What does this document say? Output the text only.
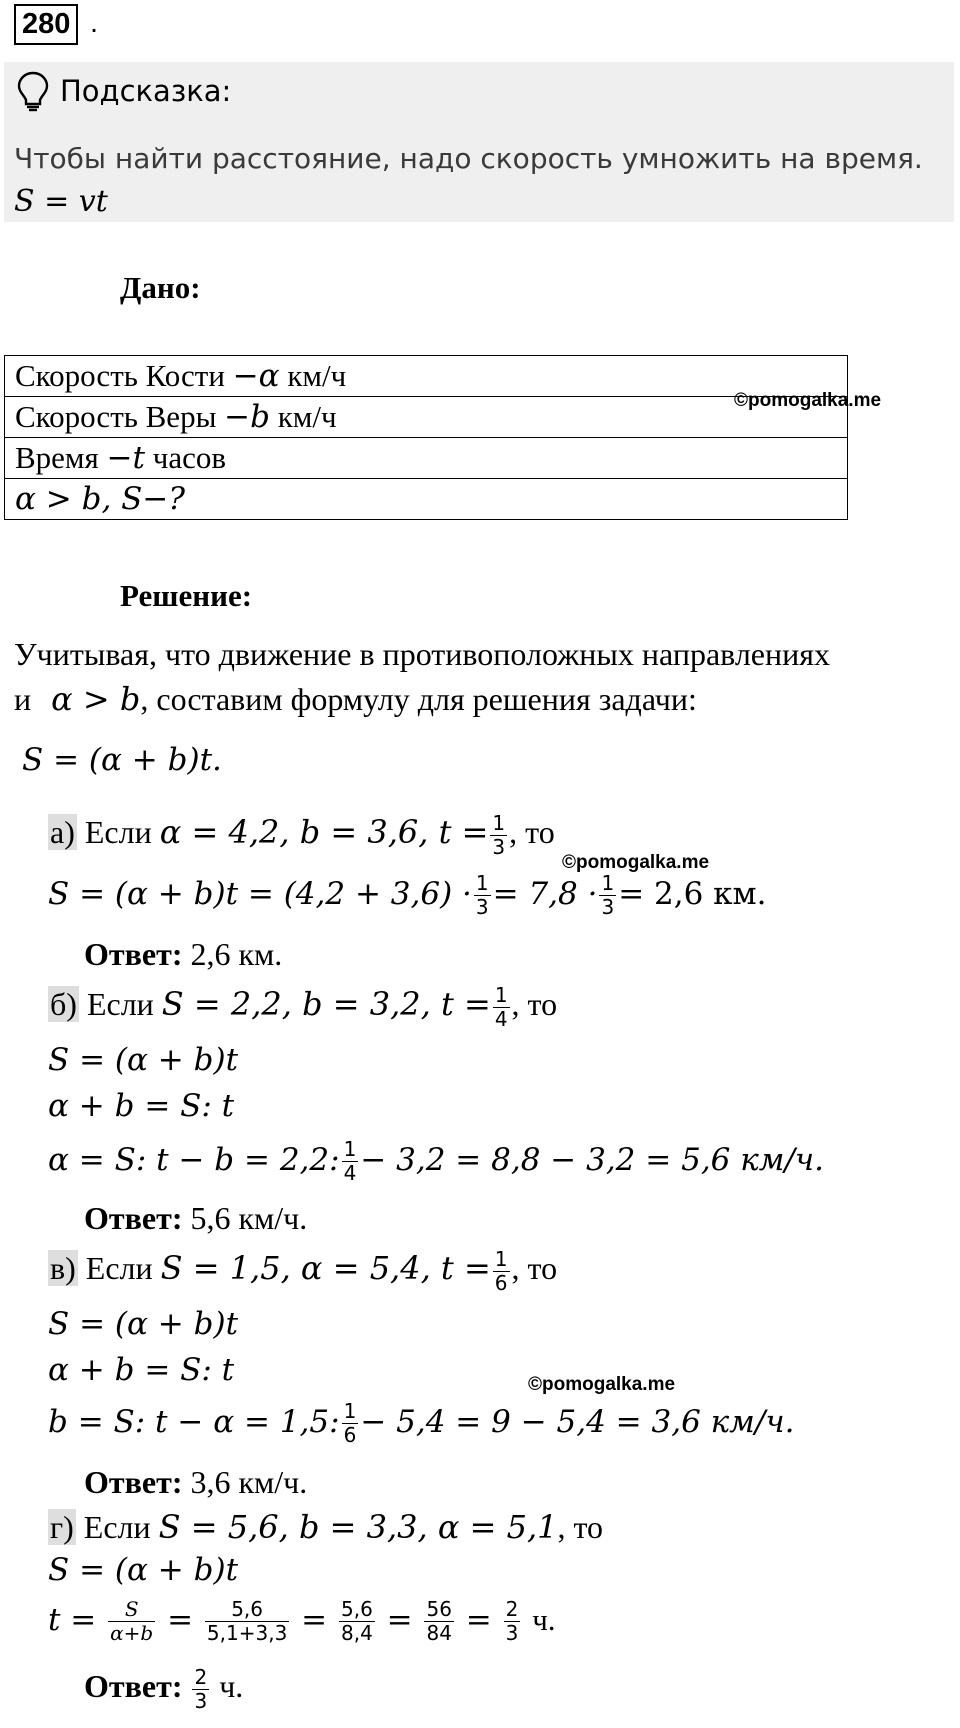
280 .
Подсказка:
Чтобы найти расстояние, надо скорость умножить на время.
S = vt
Дано:
Скорость Кости −α км/ч
Скорость Веры −b км/ч
Время −t часов
α > b, S−?
©pomogalka.me
Решение:
Учитывая, что движение в противоположных направлениях
и α > b, составим формулу для решения задачи:
S = (α + b)t.
а) Если α = 4,2, b = 3,6, $t = \frac{1}{3}$ , то
©pomogalka.me
$S = (\alpha + b)t = (4,2 + 3,6) \cdot \frac{1}{3} = 7,8 \cdot \frac{1}{3} = 2,6$ км.
Ответ: 2,6 км.
б) Если S = 2,2, b = 3,2, $t = \frac{1}{4}$ , то
S = (α + b)t
α + b = S: t
α = S: t − b = 2,2: $\frac{1}{4} - 3,2 = 8,8 - 3,2 = 5,6$ км/ч.
Ответ: 5,6 км/ч.
в) Если S = 1,5, α = 5,4, $t = \frac{1}{6}$ , то
S = (α + b)t
α + b = S: t	©pomogalka.me
b = S: t − α = 1,5: $\frac{1}{6} - 5,4 = 9 - 5,4 = 3,6$ км/ч.
Ответ: 3,6 км/ч.
г) Если S = 5,6, b = 3,3, α = 5,1, то
S = (α + b)t
$t = \frac{S}{\alpha+b} = \frac{5,6}{5,1+3,3} = \frac{5,6}{8,4} = \frac{56}{84} = \frac{2}{3} ч$.
Ответ: $\frac{2}{3} ч$.
